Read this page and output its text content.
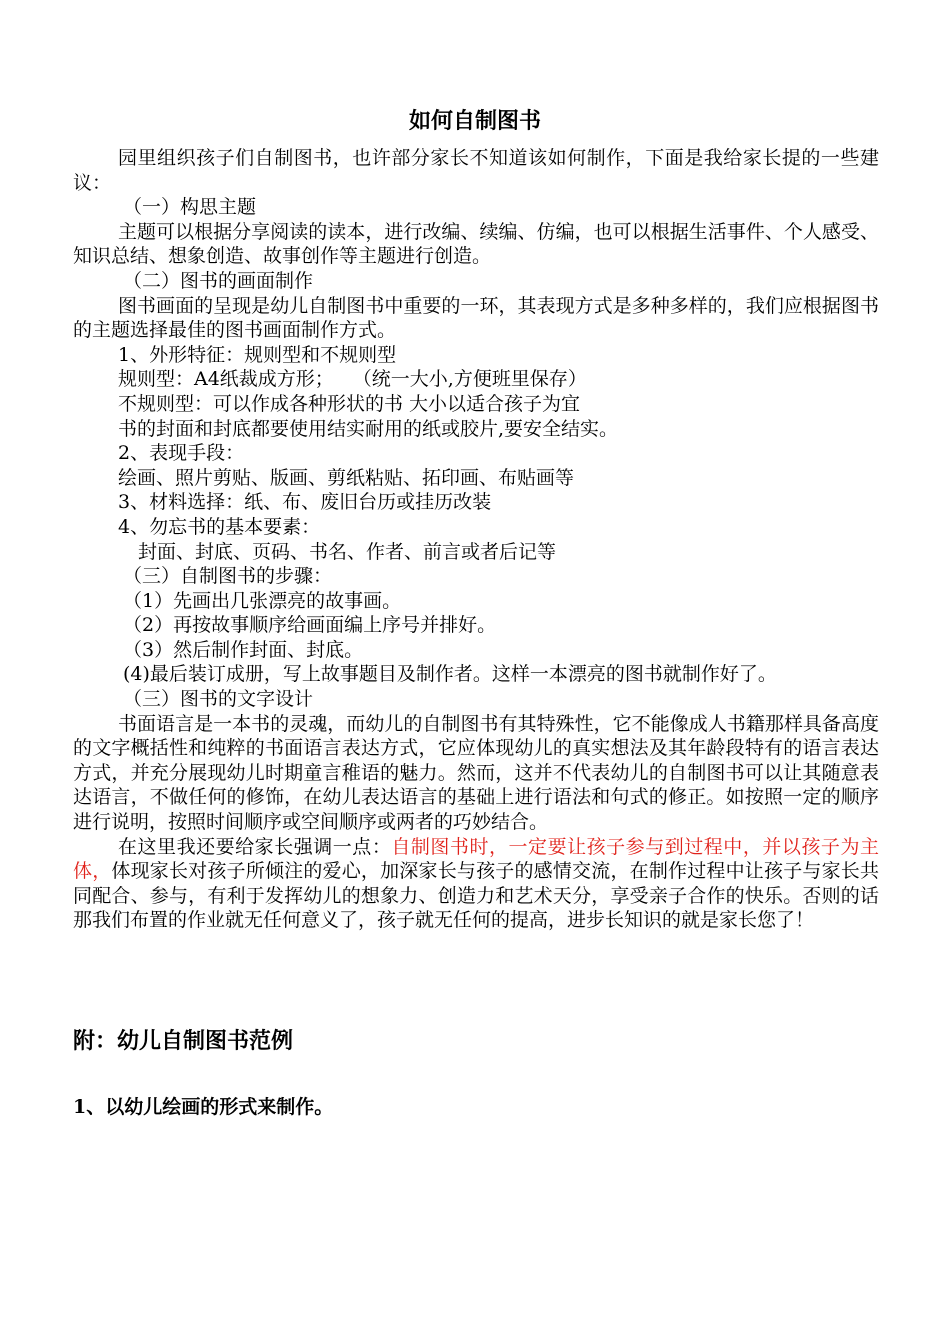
如何自制图书

园里组织孩子们自制图书，也许部分家长不知道该如何制作，下面是我给家长提的一些建议：

（一）构思主题

主题可以根据分享阅读的读本，进行改编、续编、仿编，也可以根据生活事件、个人感受、知识总结、想象创造、故事创作等主题进行创造。

（二）图书的画面制作

图书画面的呈现是幼儿自制图书中重要的一环，其表现方式是多种多样的，我们应根据图书的主题选择最佳的图书画面制作方式。

1、外形特征：规则型和不规则型

规则型：A4纸裁成方形；　　（统一大小,方便班里保存）

不规则型：可以作成各种形状的书 大小以适合孩子为宜

书的封面和封底都要使用结实耐用的纸或胶片,要安全结实。

2、表现手段：

绘画、照片剪贴、版画、剪纸粘贴、拓印画、布贴画等

3、材料选择：纸、布、废旧台历或挂历改装

4、勿忘书的基本要素：

封面、封底、页码、书名、作者、前言或者后记等

（三）自制图书的步骤：

（1）先画出几张漂亮的故事画。

（2）再按故事顺序给画面编上序号并排好。

（3）然后制作封面、封底。

(4)最后装订成册，写上故事题目及制作者。这样一本漂亮的图书就制作好了。

（三）图书的文字设计

书面语言是一本书的灵魂，而幼儿的自制图书有其特殊性，它不能像成人书籍那样具备高度的文字概括性和纯粹的书面语言表达方式，它应体现幼儿的真实想法及其年龄段特有的语言表达方式，并充分展现幼儿时期童言稚语的魅力。然而，这并不代表幼儿的自制图书可以让其随意表达语言，不做任何的修饰，在幼儿表达语言的基础上进行语法和句式的修正。如按照一定的顺序进行说明，按照时间顺序或空间顺序或两者的巧妙结合。

在这里我还要给家长强调一点：自制图书时，一定要让孩子参与到过程中，并以孩子为主体，体现家长对孩子所倾注的爱心，加深家长与孩子的感情交流，在制作过程中让孩子与家长共同配合、参与，有利于发挥幼儿的想象力、创造力和艺术天分，享受亲子合作的快乐。否则的话那我们布置的作业就无任何意义了，孩子就无任何的提高，进步长知识的就是家长您了！

附：幼儿自制图书范例
1、以幼儿绘画的形式来制作。
